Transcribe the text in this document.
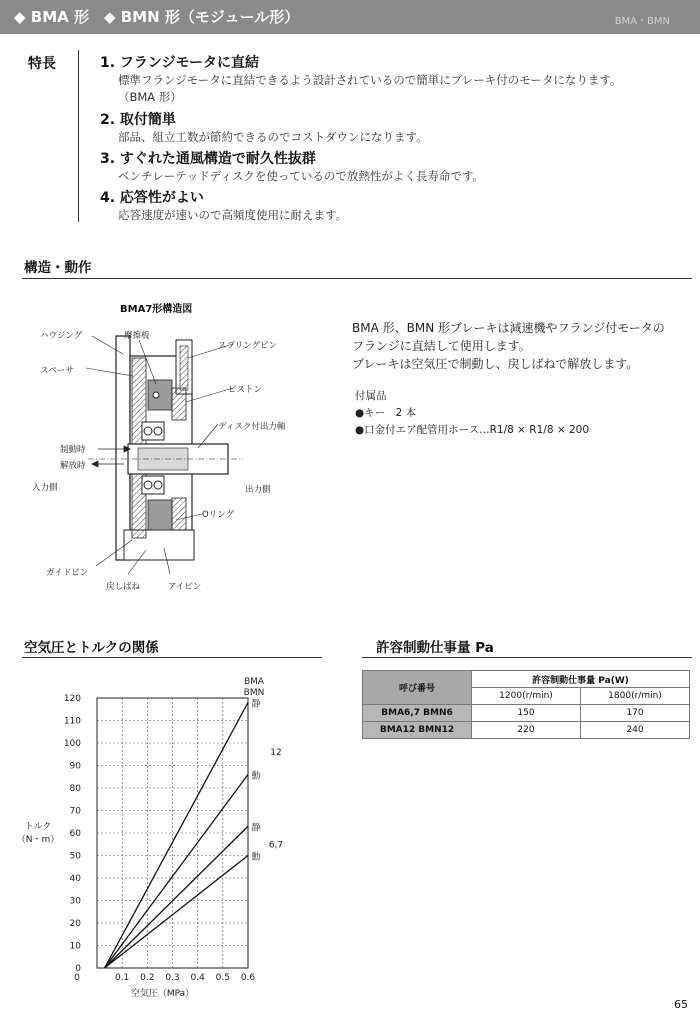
◆ BMA 形　◆ BMN 形（モジュール形）	BMA・BMN
特長	1. フランジモータに直結
標準フランジモータに直結できるよう設計されているので簡単にブレーキ付のモータになります。
（BMA 形）
2. 取付簡単
部品、組立工数が節約できるのでコストダウンになります。
3. すぐれた通風構造で耐久性抜群
ベンチレーテッドディスクを使っているので放熱性がよく長寿命です。
4. 応答性がよい
応答速度が速いので高頻度使用に耐えます。
構造・動作
BMA7形構造図
ハウジング	摩擦板
スプリングピン
スペーサ
ピストン
ディスク付出力軸
制動時
解放時
入力側	出力側
Oリング
ガイドピン
戻しばね	アイピン
BMA 形、BMN 形ブレーキは減速機やフランジ付モータの
フランジに直結して使用します。
ブレーキは空気圧で制動し、戻しばねで解放します。
付属品
●キー　2 本
●口金付エア配管用ホース…R1/8 × R1/8 × 200
空気圧とトルクの関係	許容制動仕事量 Pa
0	0.1 0.2 0.3 0.4 0.5 0.6
0
10
20
30
40
50
60
70
80
90
100
110
120
空気圧（MPa）
トルク
（N・m）
BMA
BMN
静
動
静
動
12
6,7
呼び番号	許容制動仕事量 Pa(W)	
	1200(r/min)	1800(r/min)
BMA6,7 BMN6	150	170
BMA12 BMN12	220	240
65
